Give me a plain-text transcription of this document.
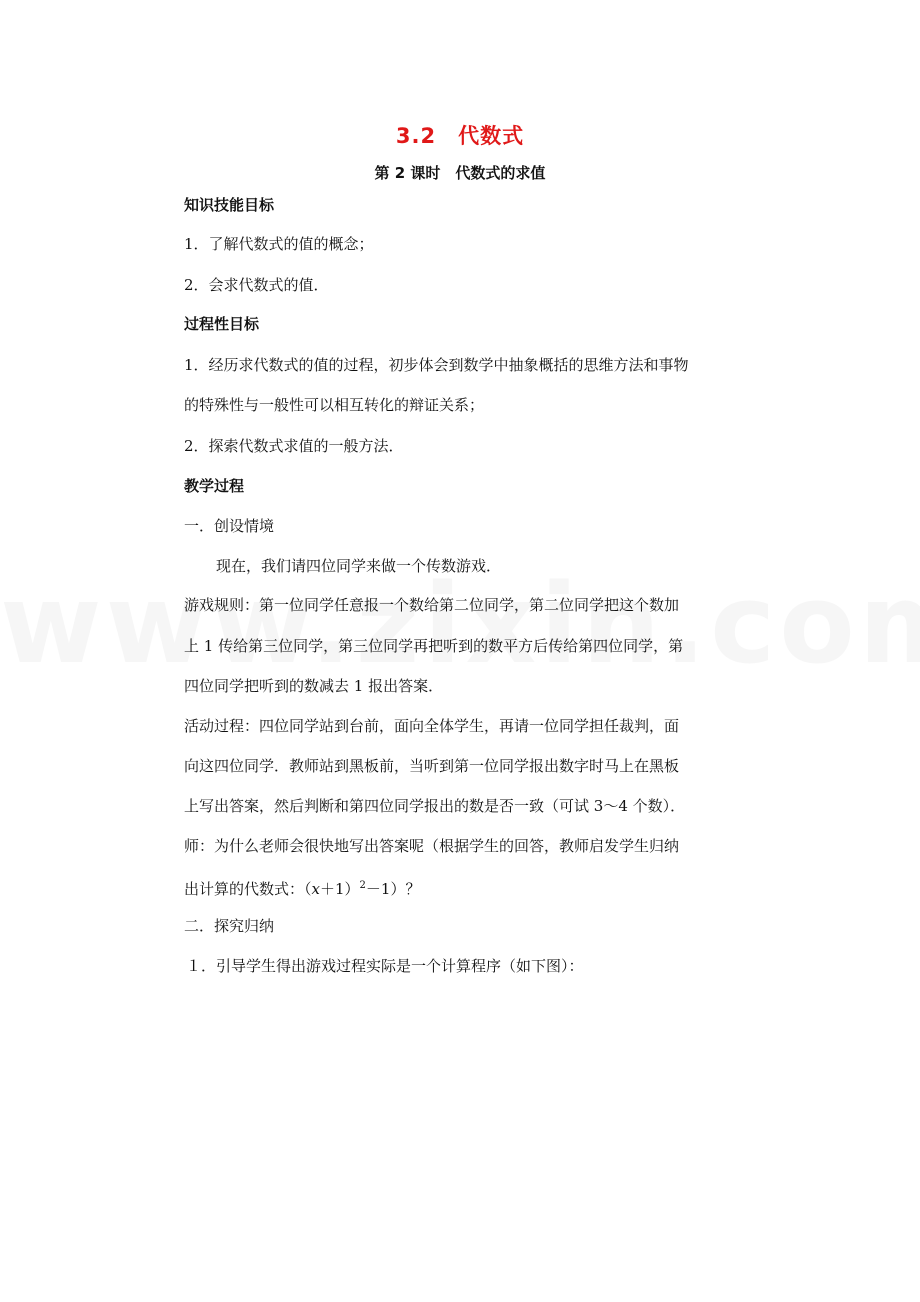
3.2　代数式
第 2 课时　代数式的求值
知识技能目标
1．了解代数式的值的概念；
2．会求代数式的值．
过程性目标
1．经历求代数式的值的过程，初步体会到数学中抽象概括的思维方法和事物
的特殊性与一般性可以相互转化的辩证关系；
2．探索代数式求值的一般方法．
教学过程
一．创设情境
现在，我们请四位同学来做一个传数游戏．
游戏规则：第一位同学任意报一个数给第二位同学，第二位同学把这个数加
上 1 传给第三位同学，第三位同学再把听到的数平方后传给第四位同学，第
四位同学把听到的数减去 1 报出答案．
活动过程：四位同学站到台前，面向全体学生，再请一位同学担任裁判，面
向这四位同学．教师站到黑板前，当听到第一位同学报出数字时马上在黑板
上写出答案，然后判断和第四位同学报出的数是否一致（可试 3～4 个数）．
师：为什么老师会很快地写出答案呢（根据学生的回答，教师启发学生归纳
出计算的代数式：$(x+1)^2-1$）？
二．探究归纳
１．引导学生得出游戏过程实际是一个计算程序（如下图）：
